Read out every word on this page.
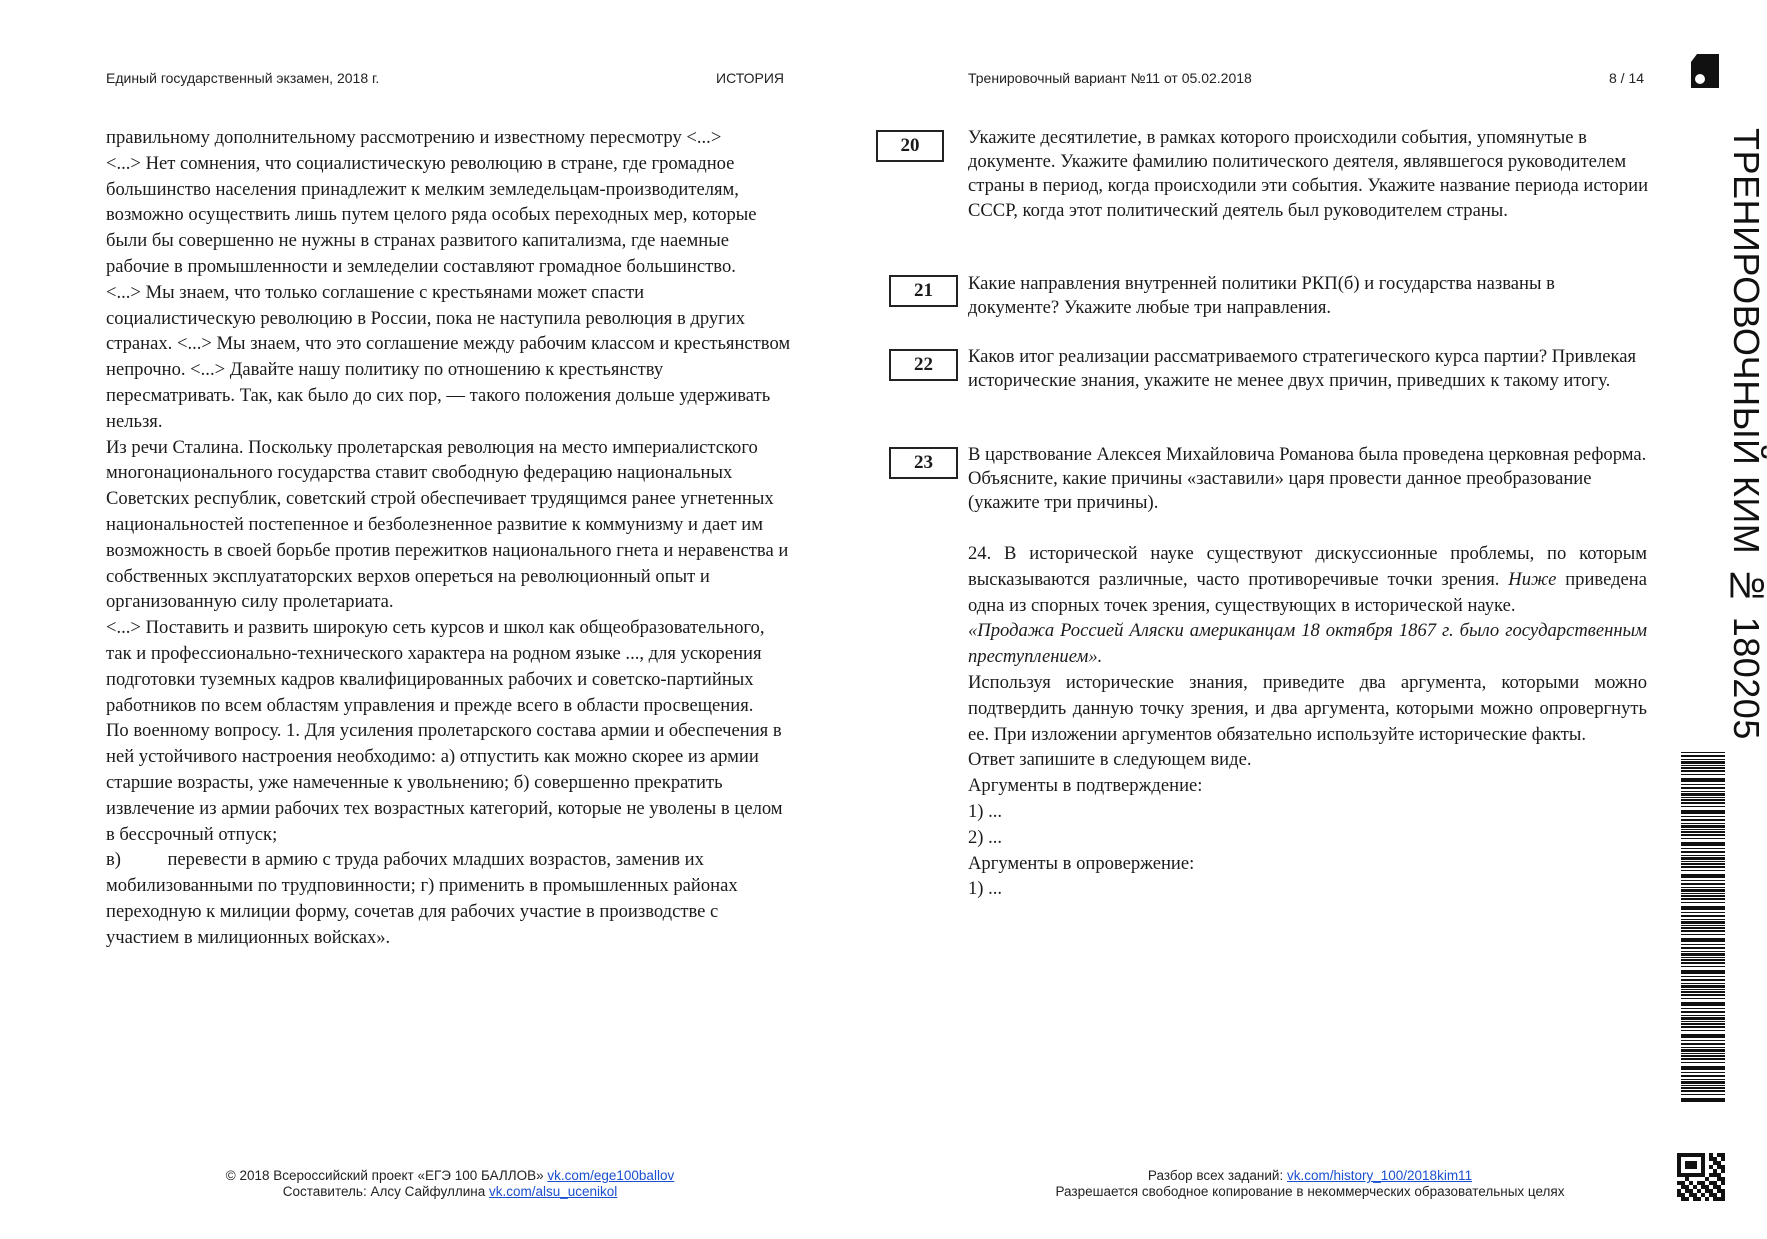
Единый государственный экзамен, 2018 г.	ИСТОРИЯ	Тренировочный вариант №11 от 05.02.2018	8 / 14

правильному дополнительному рассмотрению и известному пересмотру <...>

<...> Нет сомнения, что социалистическую революцию в стране, где громадное большинство населения принадлежит к мелким земледельцам-производителям, возможно осуществить лишь путем целого ряда особых переходных мер, которые были бы совершенно не нужны в странах развитого капитализма, где наемные рабочие в промышленности и земледелии составляют громадное большинство.

<...> Мы знаем, что только соглашение с крестьянами может спасти социалистическую революцию в России, пока не наступила революция в других странах. <...> Мы знаем, что это соглашение между рабочим классом и крестьянством непрочно. <...> Давайте нашу политику по отношению к крестьянству пересматривать. Так, как было до сих пор, — такого положения дольше удерживать нельзя.

Из речи Сталина. Поскольку пролетарская революция на место империалистского многонационального государства ставит свободную федерацию национальных Советских республик, советский строй обеспечивает трудящимся ранее угнетенных национальностей постепенное и безболезненное развитие к коммунизму и дает им возможность в своей борьбе против пережитков национального гнета и неравенства и собственных эксплуататорских верхов опереться на революционный опыт и организованную силу пролетариата.

<...> Поставить и развить широкую сеть курсов и школ как общеобразовательного, так и профессионально-технического характера на родном языке ..., для ускорения подготовки туземных кадров квалифицированных рабочих и советско-партийных работников по всем областям управления и прежде всего в области просвещения.

По военному вопросу. 1. Для усиления пролетарского состава армии и обеспечения в ней устойчивого настроения необходимо: а) отпустить как можно скорее из армии старшие возрасты, уже намеченные к увольнению; б) совершенно прекратить извлечение из армии рабочих тех возрастных категорий, которые не уволены в целом в бессрочный отпуск;

в)          перевести в армию с труда рабочих младших возрастов, заменив их мобилизованными по трудповинности; г) применить в промышленных районах переходную к милиции форму, сочетав для рабочих участие в производстве с участием в милиционных войсках».

20	Укажите десятилетие, в рамках которого происходили события, упомянутые в документе. Укажите фамилию политического деятеля, являвшегося руководителем страны в период, когда происходили эти события. Укажите название периода истории СССР, когда этот политический деятель был руководителем страны.
21	Какие направления внутренней политики РКП(б) и государства названы в документе? Укажите любые три направления.
22	Каков итог реализации рассматриваемого стратегического курса партии? Привлекая исторические знания, укажите не менее двух причин, приведших к такому итогу.
23	В царствование Алексея Михайловича Романова была проведена церковная реформа. Объясните, какие причины «заставили» царя провести данное преобразование (укажите три причины).

24. В исторической науке существуют дискуссионные проблемы, по которым высказываются различные, часто противоречивые точки зрения. Ниже приведена одна из спорных точек зрения, существующих в исторической науке.

«Продажа Россией Аляски американцам 18 октября 1867 г. было государственным преступлением».

Используя исторические знания, приведите два аргумента, которыми можно подтвердить данную точку зрения, и два аргумента, которыми можно опровергнуть ее. При изложении аргументов обязательно используйте исторические факты.

Ответ запишите в следующем виде.

Аргументы в подтверждение:

1) ...

2) ...

Аргументы в опровержение:

1) ...

© 2018 Всероссийский проект «ЕГЭ 100 БАЛЛОВ» vk.com/ege100ballov
Составитель: Алсу Сайфуллина vk.com/alsu_ucenikol
Разбор всех заданий: vk.com/history_100/2018kim11
Разрешается свободное копирование в некоммерческих образовательных целях
ТРЕНИРОВОЧНЫЙ КИМ № 180205
